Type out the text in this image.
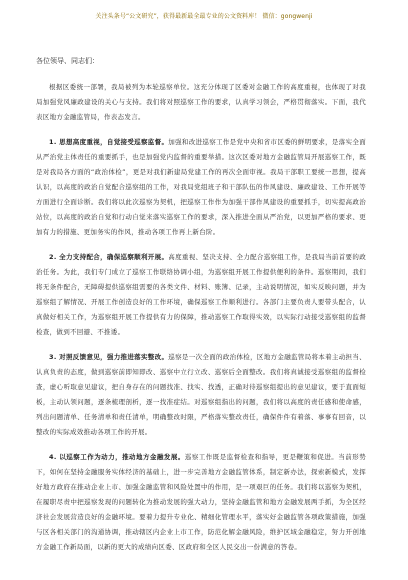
关注头条号“公文研究”，获得最新最全最专业的公文资料库！ 微信：gongwenji
各位领导、同志们：

根据区委统一部署，我局被列为本轮巡察单位。这充分体现了区委对金融工作的高度重视，也体现了对我局加强党风廉政建设的关心与支持。我们将对照巡察工作的要求，认真学习领会，严格贯彻落实。下面，我代表区地方金融监管局，作表态发言。

1. 思想高度重视，自觉接受巡察监督。加强和改进巡察工作是党中央和省市区委的鲜明要求，是落实全面从严治党主体责任的重要抓手，也是加强党内监督的重要举措。这次区委对地方金融监管局开展巡察工作，既是对我局各方面的“政治体检”，更是对我们新建局党建工作的再次全面审视。我局干部职工要统一思想，提高认识，以高度的政治自觉配合巡察组的工作，对我局党组班子和干部队伍的作风建设、廉政建设、工作开展等方面进行全面诊断。我们将以此次巡察为契机，把巡察工作作为加强干部作风建设的重要抓手，切实提高政治站位，以高度的政治自觉和行动自觉来落实巡察工作的要求，深入推进全面从严治党，以更加严格的要求、更加有力的措施、更加务实的作风，推动各项工作再上新台阶。

2. 全力支持配合，确保巡察顺利开展。高度重视、坚决支持、全力配合巡察组工作，是我局当前首要的政治任务。为此，我们专门成立了巡察工作联络协调小组，为巡察组开展工作提供便利的条件。巡察期间，我们将无条件配合，无障碍提供巡察组需要的各类文件、材料、账簿、记录，主动说明情况，如实反映问题，并为巡察组了解情况、开展工作创造良好的工作环境，确保巡察工作顺利进行。各部门主要负责人要带头配合，认真做好相关工作，为巡察组开展工作提供有力的保障，推动巡察工作取得实效，以实际行动接受巡察组的监督检查，做到不回避、不推诿。

3. 对照反馈意见，强力推进落实整改。巡察是一次全面的政治体检，区地方金融监管局将本着主动担当、认真负责的态度，做到巡察前即知即改、巡察中立行立改、巡察后全面整改。我们将真诚接受巡察组的监督检查，虚心听取意见建议，把自身存在的问题找准、找实、找透，正确对待巡察组提出的意见建议，要于直面短板，主动认领问题，逐条梳理剖析，逐一找准症结。对巡察组指出的问题，我们将以高度的责任感和使命感，列出问题清单、任务清单和责任清单，明确整改时限，严格落实整改责任，确保件件有着落、事事有回音，以整改的实际成效推动各项工作的开展。

4. 以巡察工作为动力，推动地方金融发展。巡察工作既是监督检查和指导，更是鞭策和促进。当前形势下，如何在坚持金融服务实体经济的基础上，进一步完善地方金融监管体系，制定新办法，探索新模式，发挥好地方政府在推动企业上市、加强金融监管和风险处置中的作用，是一项艰巨的任务。我们将以巡察为契机，在履职尽责中把巡察发现的问题转化为推动发展的强大动力，坚持金融监管和地方金融发展两手抓，为全区经济社会发展营造良好的金融环境。要着力提升专业化、精细化管理水平，落实好金融监管各项政策措施，加强与区各相关部门的沟通协调，推动辖区内企业上市工作，防范化解金融风险，维护区域金融稳定，努力开创地方金融工作新局面，以新的更大的成绩向区委、区政府和全区人民交出一份满意的答卷。
